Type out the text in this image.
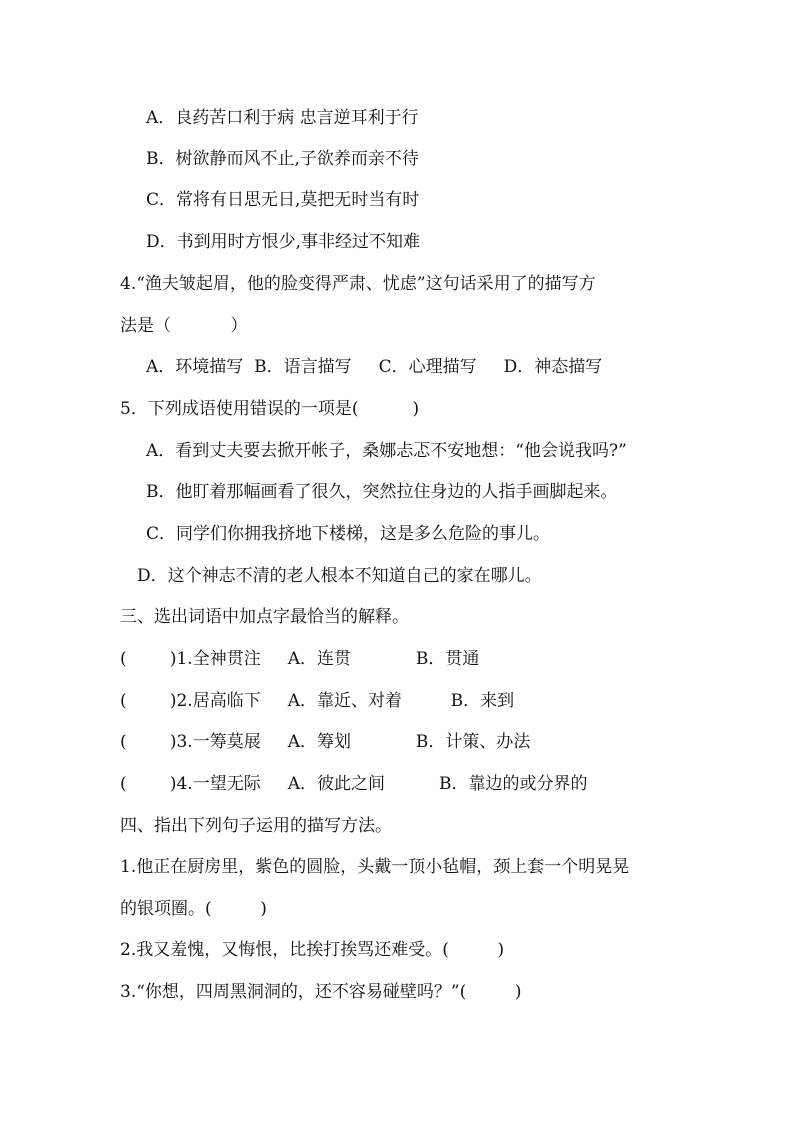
A．良药苦口利于病 忠言逆耳利于行
B．树欲静而风不止,子欲养而亲不待
C．常将有日思无日,莫把无时当有时
D．书到用时方恨少,事非经过不知难
4.“渔夫皱起眉，他的脸变得严肃、忧虑”这句话采用了的描写方
法是（           ）
A．环境描写  B．语言描写     C．心理描写     D．神态描写
5．下列成语使用错误的一项是(          )
A．看到丈夫要去掀开帐子，桑娜忐忑不安地想：“他会说我吗?”
B．他盯着那幅画看了很久，突然拉住身边的人指手画脚起来。
C．同学们你拥我挤地下楼梯，这是多么危险的事儿。
D．这个神志不清的老人根本不知道自己的家在哪儿。
三、选出词语中加点字最恰当的解释。
(        )1.全神贯注     A．连贯            B．贯通
(        )2.居高临下     A．靠近、对着         B．来到
(        )3.一筹莫展     A．筹划            B．计策、办法
(        )4.一望无际     A．彼此之间          B．靠边的或分界的
四、指出下列句子运用的描写方法。
1.他正在厨房里，紫色的圆脸，头戴一顶小毡帽，颈上套一个明晃晃
的银项圈。(         )
2.我又羞愧，又悔恨，比挨打挨骂还难受。(         )
3.“你想，四周黑洞洞的，还不容易碰壁吗？”(         )
